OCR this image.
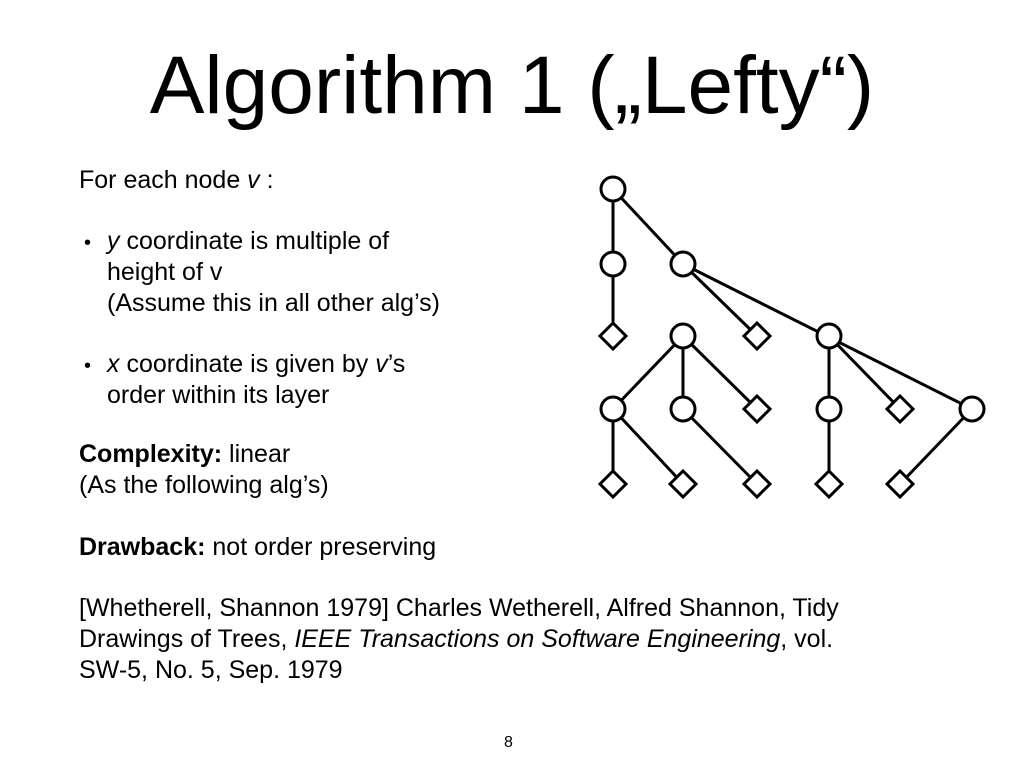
Algorithm 1 („Lefty“)
For each node v :
• y coordinate is multiple of
height of v
(Assume this in all other alg’s)
• x coordinate is given by v’s
order within its layer
Complexity: linear
(As the following alg’s)
Drawback: not order preserving
[Whetherell, Shannon 1979] Charles Wetherell, Alfred Shannon, Tidy
Drawings of Trees, IEEE Transactions on Software Engineering, vol.
SW-5, No. 5, Sep. 1979
8
